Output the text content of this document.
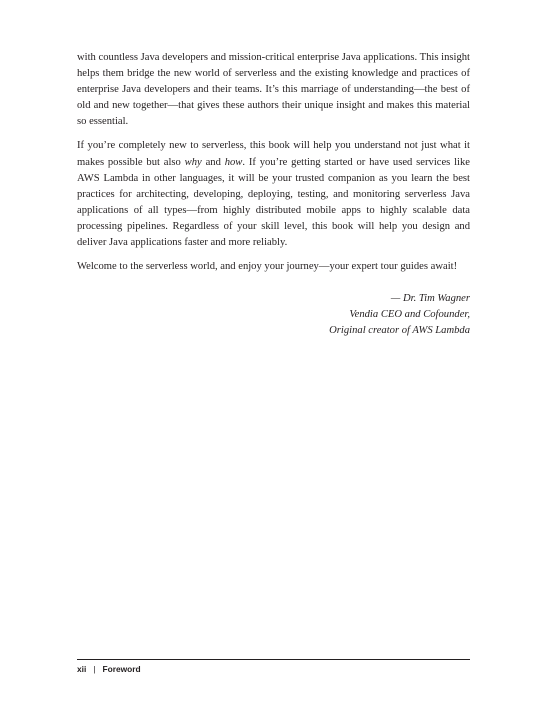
with countless Java developers and mission-critical enterprise Java applications. This insight helps them bridge the new world of serverless and the existing knowledge and practices of enterprise Java developers and their teams. It’s this marriage of understanding—the best of old and new together—that gives these authors their unique insight and makes this material so essential.

If you’re completely new to serverless, this book will help you understand not just what it makes possible but also why and how. If you’re getting started or have used services like AWS Lambda in other languages, it will be your trusted companion as you learn the best practices for architecting, developing, deploying, testing, and monitoring serverless Java applications of all types—from highly distributed mobile apps to highly scalable data processing pipelines. Regardless of your skill level, this book will help you design and deliver Java applications faster and more reliably.

Welcome to the serverless world, and enjoy your journey—your expert tour guides await!

— Dr. Tim Wagner
Vendia CEO and Cofounder,
Original creator of AWS Lambda
xii | Foreword
